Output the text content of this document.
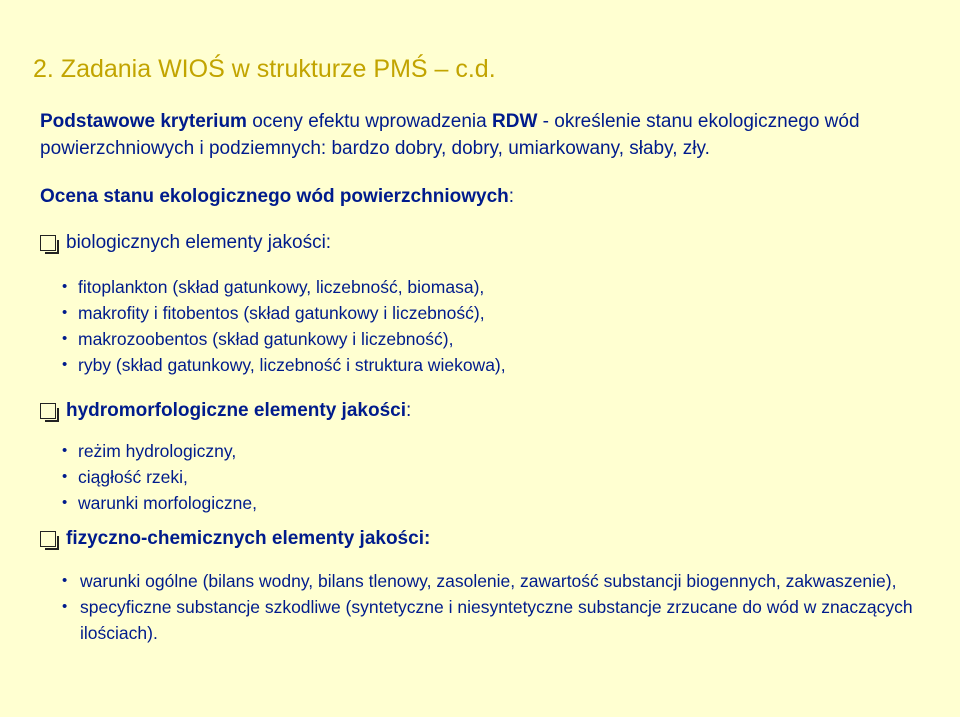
2. Zadania WIOŚ w strukturze PMŚ – c.d.
Podstawowe kryterium oceny efektu wprowadzenia RDW - określenie stanu ekologicznego wód powierzchniowych i podziemnych: bardzo dobry, dobry, umiarkowany, słaby, zły.
Ocena stanu ekologicznego wód powierzchniowych:
biologicznych elementy jakości:
• fitoplankton (skład gatunkowy, liczebność, biomasa),
• makrofity i fitobentos (skład gatunkowy i liczebność),
• makrozoobentos (skład gatunkowy i liczebność),
• ryby (skład gatunkowy, liczebność i struktura wiekowa),
hydromorfologiczne elementy jakości :
• reżim hydrologiczny,
• ciągłość rzeki,
• warunki morfologiczne,
fizyczno-chemicznych elementy jakości:
• warunki ogólne (bilans wodny, bilans tlenowy, zasolenie, zawartość substancji biogennych, zakwaszenie),
• specyficzne substancje szkodliwe (syntetyczne i niesyntetyczne substancje zrzucane do wód w znaczących ilościach).
